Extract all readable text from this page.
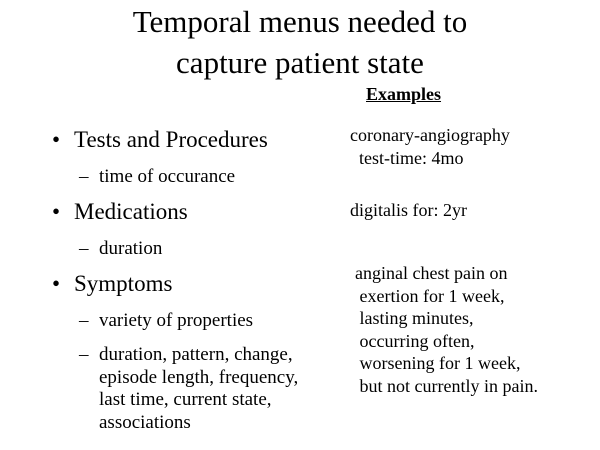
Temporal menus needed to
capture patient state
Examples
• Tests and Procedures
– time of occurance
• Medications
– duration
• Symptoms
– variety of properties
– duration, pattern, change,
episode length, frequency,
last time, current state,
associations
coronary-angiography
test-time: 4mo
digitalis for: 2yr
anginal chest pain on
exertion for 1 week,
lasting minutes,
occurring often,
worsening for 1 week,
but not currently in pain.
